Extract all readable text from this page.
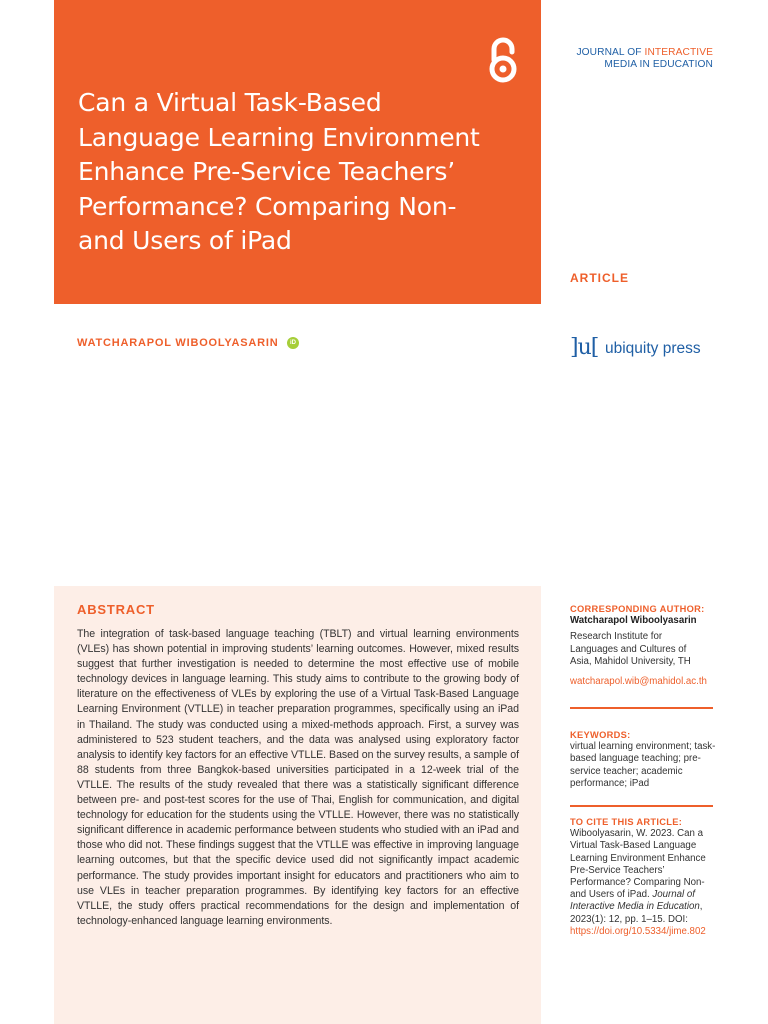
Can a Virtual Task-Based Language Learning Environment Enhance Pre-Service Teachers’ Performance? Comparing Non- and Users of iPad
JOURNAL OF INTERACTIVE
MEDIA IN EDUCATION
ARTICLE
WATCHARAPOL WIBOOLYASARIN	iD	]u[ ubiquity press
ABSTRACT

The integration of task-based language teaching (TBLT) and virtual learning environments (VLEs) has shown potential in improving students’ learning outcomes. However, mixed results suggest that further investigation is needed to determine the most effective use of mobile technology devices in language learning. This study aims to contribute to the growing body of literature on the effectiveness of VLEs by exploring the use of a Virtual Task-Based Language Learning Environment (VTLLE) in teacher preparation programmes, specifically using an iPad in Thailand. The study was conducted using a mixed-methods approach. First, a survey was administered to 523 student teachers, and the data was analysed using exploratory factor analysis to identify key factors for an effective VTLLE. Based on the survey results, a sample of 88 students from three Bangkok-based universities participated in a 12-week trial of the VTLLE. The results of the study revealed that there was a statistically significant difference between pre- and post-test scores for the use of Thai, English for communication, and digital technology for education for the students using the VTLLE. However, there was no statistically significant difference in academic performance between students who studied with an iPad and those who did not. These findings suggest that the VTLLE was effective in improving language learning outcomes, but that the specific device used did not significantly impact academic performance. The study provides important insight for educators and practitioners who aim to use VLEs in teacher preparation programmes. By identifying key factors for an effective VTLLE, the study offers practical recommendations for the design and implementation of technology-enhanced language learning environments.

CORRESPONDING AUTHOR:
Watcharapol Wiboolyasarin
Research Institute for Languages and Cultures of Asia, Mahidol University, TH
watcharapol.wib@mahidol.ac.th
KEYWORDS:
virtual learning environment; task-based language teaching; pre-service teacher; academic performance; iPad
TO CITE THIS ARTICLE:
Wiboolyasarin, W. 2023. Can a Virtual Task-Based Language Learning Environment Enhance Pre-Service Teachers’ Performance? Comparing Non- and Users of iPad. Journal of Interactive Media in Education, 2023(1): 12, pp. 1–15. DOI: https://doi.org/10.5334/jime.802
